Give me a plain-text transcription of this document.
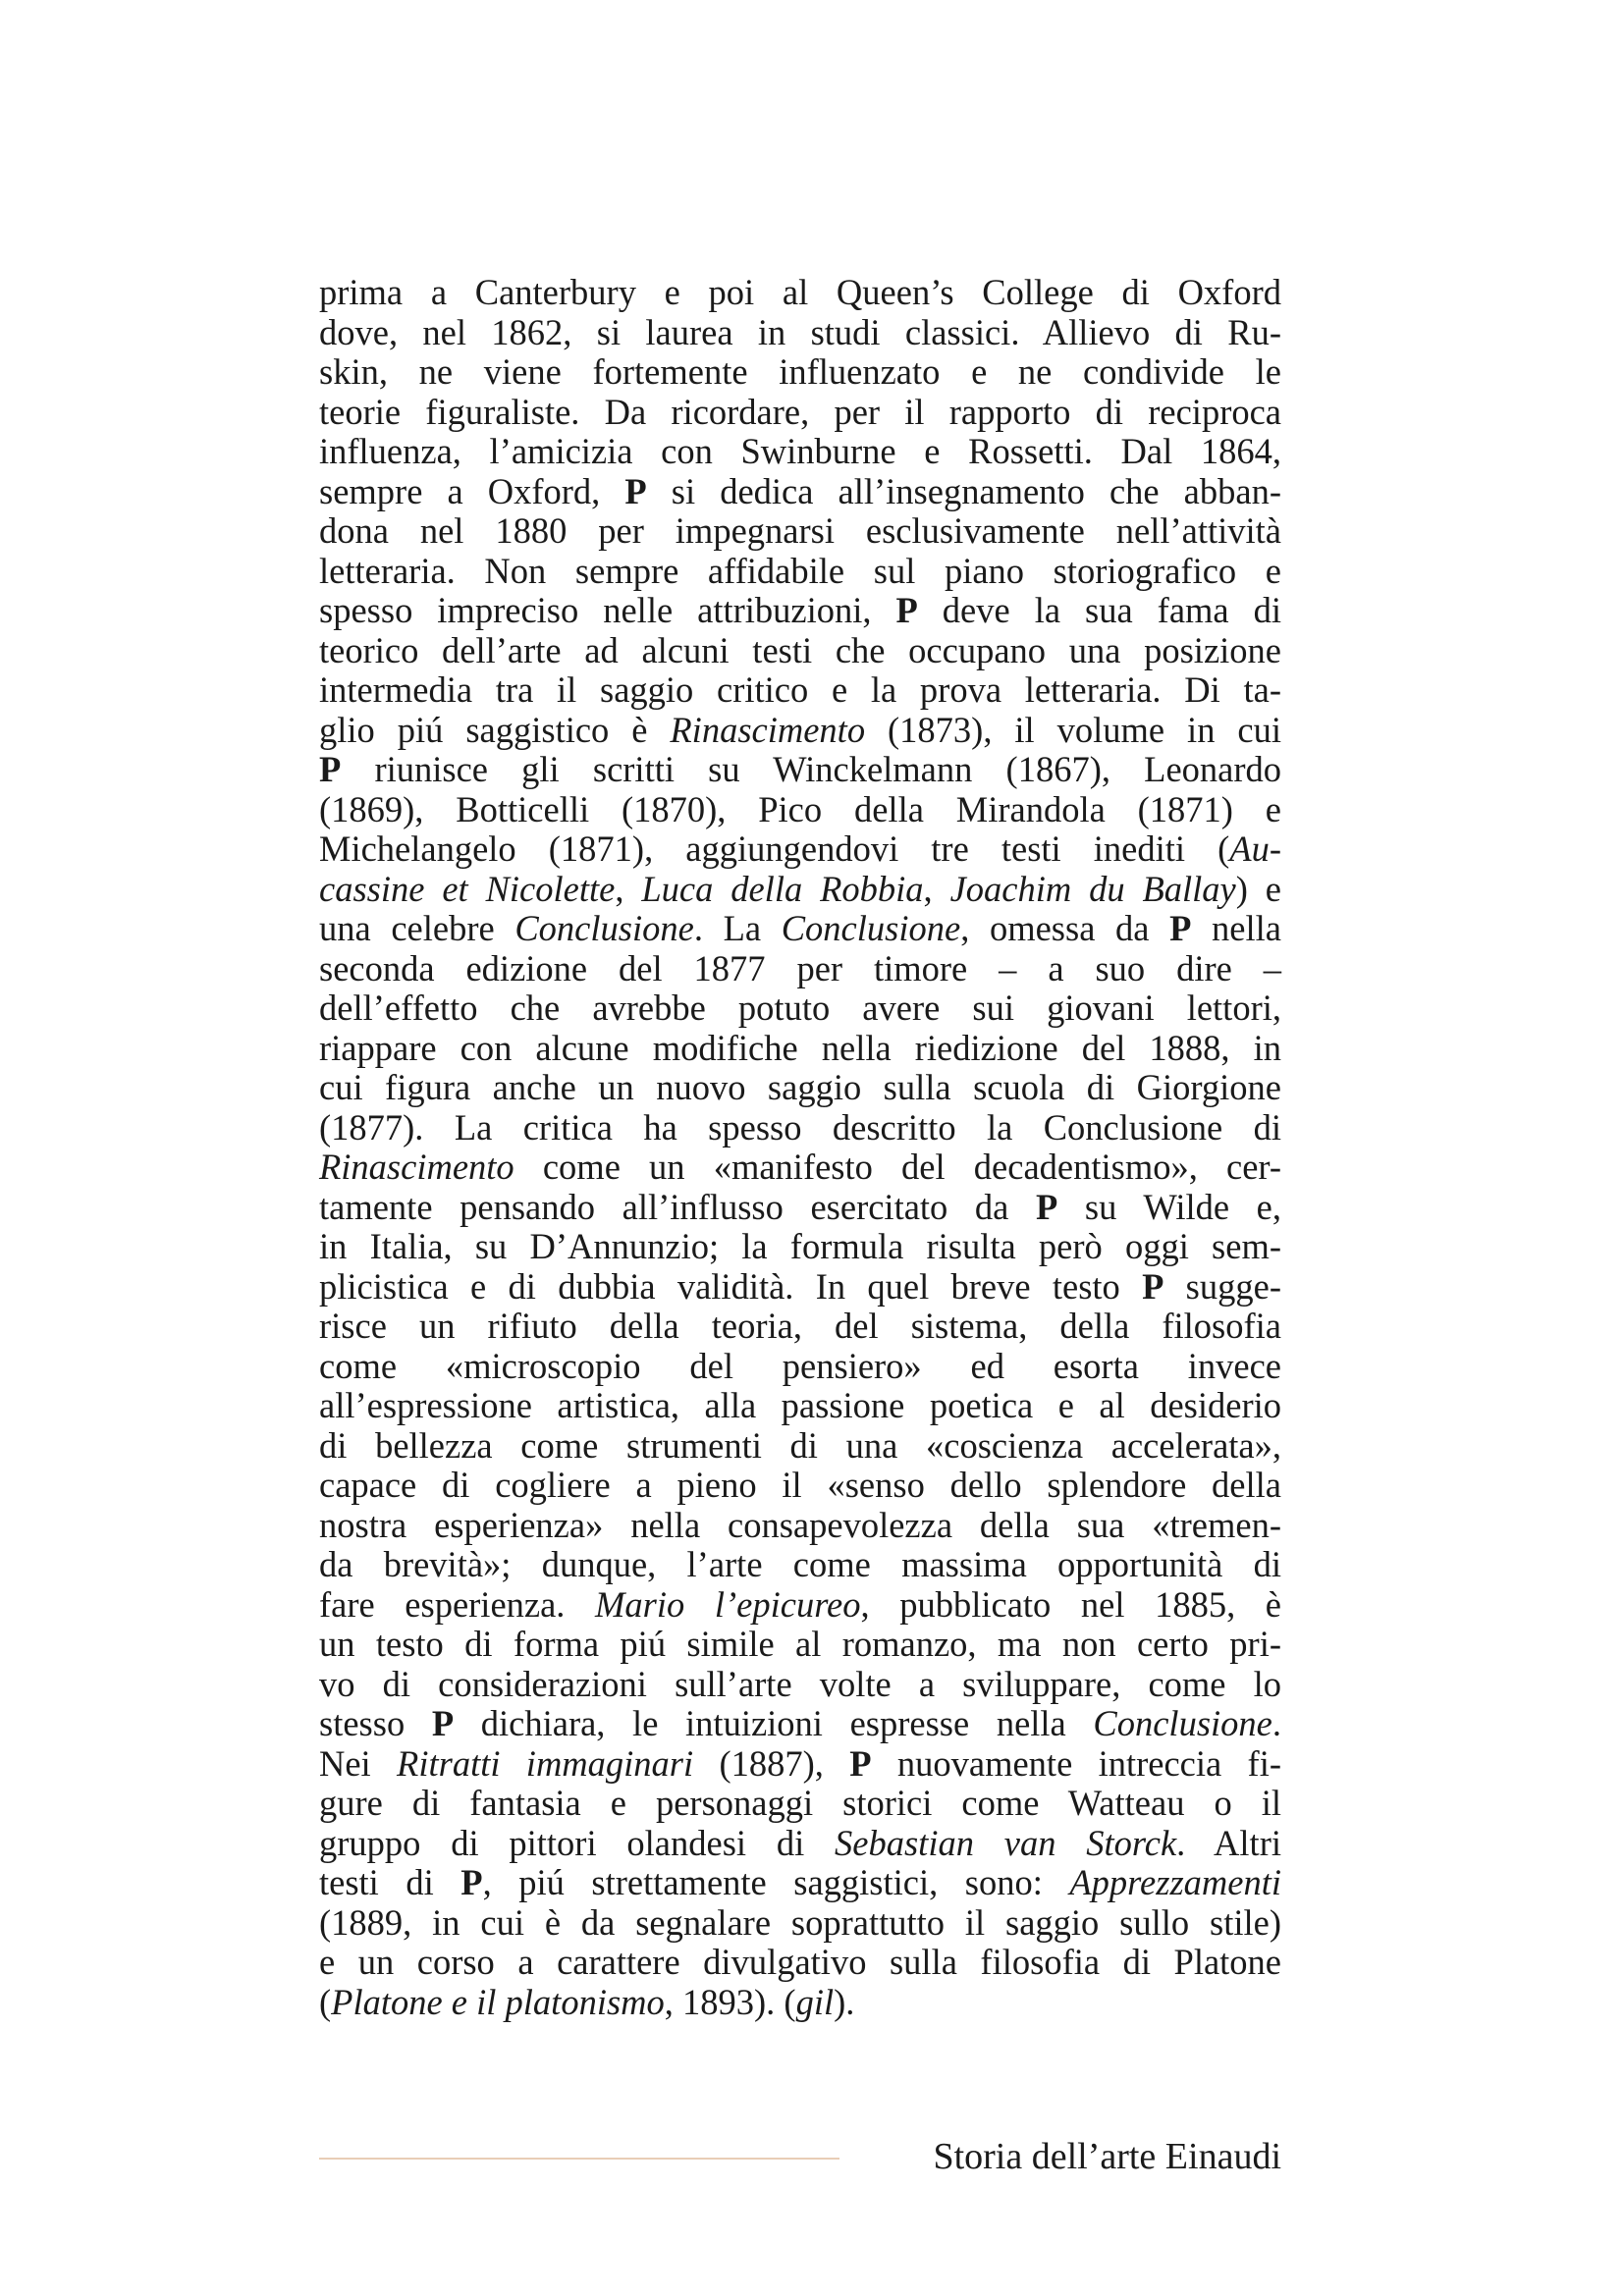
prima a Canterbury e poi al Queen’s College di Oxford
dove, nel 1862, si laurea in studi classici. Allievo di Ru-
skin, ne viene fortemente influenzato e ne condivide le
teorie figuraliste. Da ricordare, per il rapporto di reciproca
influenza, l’amicizia con Swinburne e Rossetti. Dal 1864,
sempre a Oxford, P si dedica all’insegnamento che abban-
dona nel 1880 per impegnarsi esclusivamente nell’attività
letteraria. Non sempre affidabile sul piano storiografico e
spesso impreciso nelle attribuzioni, P deve la sua fama di
teorico dell’arte ad alcuni testi che occupano una posizione
intermedia tra il saggio critico e la prova letteraria. Di ta-
glio piú saggistico è Rinascimento (1873), il volume in cui
P riunisce gli scritti su Winckelmann (1867), Leonardo
(1869), Botticelli (1870), Pico della Mirandola (1871) e
Michelangelo (1871), aggiungendovi tre testi inediti (Au-
cassine et Nicolette, Luca della Robbia, Joachim du Ballay) e
una celebre Conclusione. La Conclusione, omessa da P nella
seconda edizione del 1877 per timore – a suo dire –
dell’effetto che avrebbe potuto avere sui giovani lettori,
riappare con alcune modifiche nella riedizione del 1888, in
cui figura anche un nuovo saggio sulla scuola di Giorgione
(1877). La critica ha spesso descritto la Conclusione di
Rinascimento come un «manifesto del decadentismo», cer-
tamente pensando all’influsso esercitato da P su Wilde e,
in Italia, su D’Annunzio; la formula risulta però oggi sem-
plicistica e di dubbia validità. In quel breve testo P sugge-
risce un rifiuto della teoria, del sistema, della filosofia
come «microscopio del pensiero» ed esorta invece
all’espressione artistica, alla passione poetica e al desiderio
di bellezza come strumenti di una «coscienza accelerata»,
capace di cogliere a pieno il «senso dello splendore della
nostra esperienza» nella consapevolezza della sua «tremen-
da brevità»; dunque, l’arte come massima opportunità di
fare esperienza. Mario l’epicureo, pubblicato nel 1885, è
un testo di forma piú simile al romanzo, ma non certo pri-
vo di considerazioni sull’arte volte a sviluppare, come lo
stesso P dichiara, le intuizioni espresse nella Conclusione.
Nei Ritratti immaginari (1887), P nuovamente intreccia fi-
gure di fantasia e personaggi storici come Watteau o il
gruppo di pittori olandesi di Sebastian van Storck. Altri
testi di P, piú strettamente saggistici, sono: Apprezzamenti
(1889, in cui è da segnalare soprattutto il saggio sullo stile)
e un corso a carattere divulgativo sulla filosofia di Platone
(Platone e il platonismo, 1893). (gil).
Storia dell’arte Einaudi
